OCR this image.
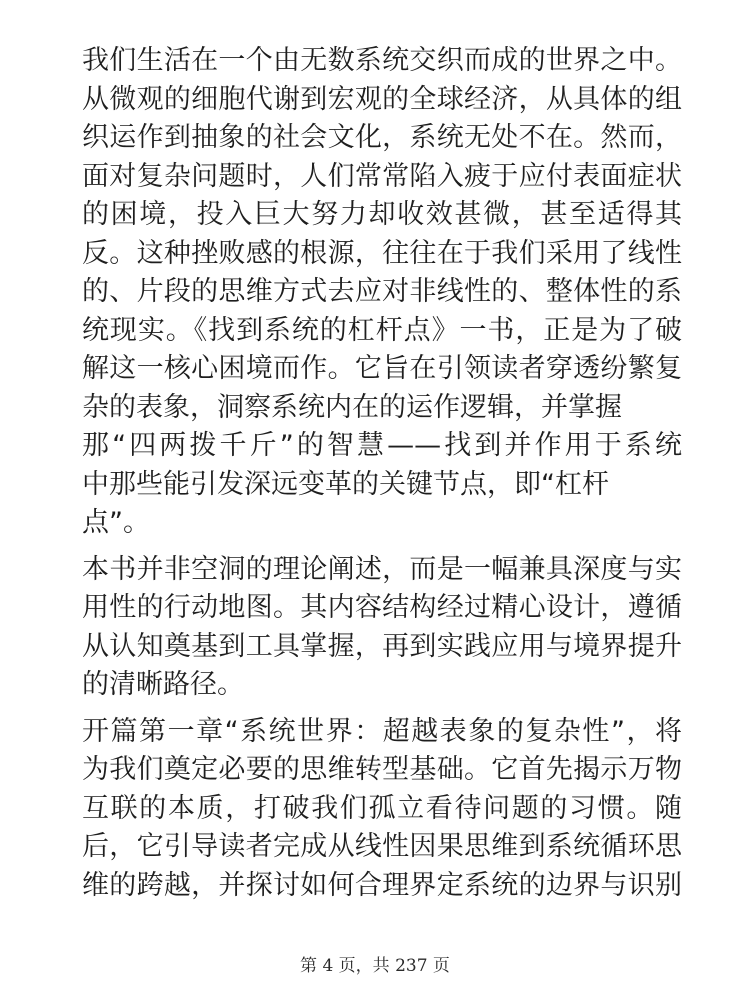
我们生活在一个由无数系统交织而成的世界之中。
从微观的细胞代谢到宏观的全球经济，从具体的组
织运作到抽象的社会文化，系统无处不在。然而，
面对复杂问题时，人们常常陷入疲于应付表面症状
的困境，投入巨大努力却收效甚微，甚至适得其
反。这种挫败感的根源，往往在于我们采用了线性
的、片段的思维方式去应对非线性的、整体性的系
统现实。《找到系统的杠杆点》一书，正是为了破
解这一核心困境而作。它旨在引领读者穿透纷繁复
杂的表象，洞察系统内在的运作逻辑，并掌握
那“四两拨千斤”的智慧——找到并作用于系统
中那些能引发深远变革的关键节点，即“杠杆
点”。
本书并非空洞的理论阐述，而是一幅兼具深度与实
用性的行动地图。其内容结构经过精心设计，遵循
从认知奠基到工具掌握，再到实践应用与境界提升
的清晰路径。
开篇第一章“系统世界：超越表象的复杂性”，将
为我们奠定必要的思维转型基础。它首先揭示万物
互联的本质，打破我们孤立看待问题的习惯。随
后，它引导读者完成从线性因果思维到系统循环思
维的跨越，并探讨如何合理界定系统的边界与识别
第 4 页，共 237 页
